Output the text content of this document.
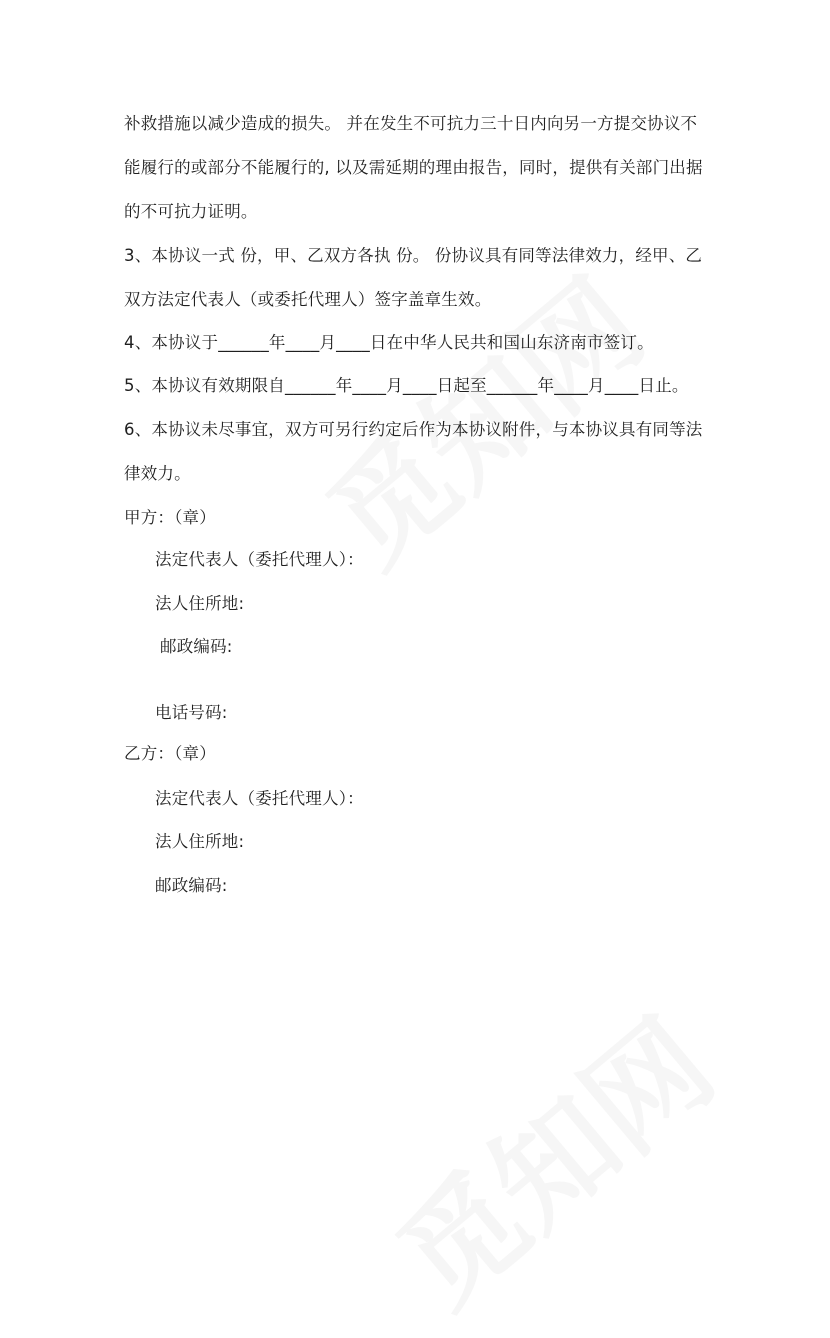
补救措施以减少造成的损失。 并在发生不可抗力三十日内向另一方提交协议不
能履行的或部分不能履行的, 以及需延期的理由报告，同时，提供有关部门出据
的不可抗力证明。
3、本协议一式 份，甲、乙双方各执 份。 份协议具有同等法律效力，经甲、乙
双方法定代表人（或委托代理人）签字盖章生效。
4、本协议于______年____月____日在中华人民共和国山东济南市签订。
5、本协议有效期限自______年____月____日起至______年____月____日止。
6、本协议未尽事宜，双方可另行约定后作为本协议附件，与本协议具有同等法
律效力。
甲方：（章）
法定代表人（委托代理人）：
法人住所地:
邮政编码:
电话号码:
乙方：（章）
法定代表人（委托代理人）：
法人住所地:
邮政编码:
